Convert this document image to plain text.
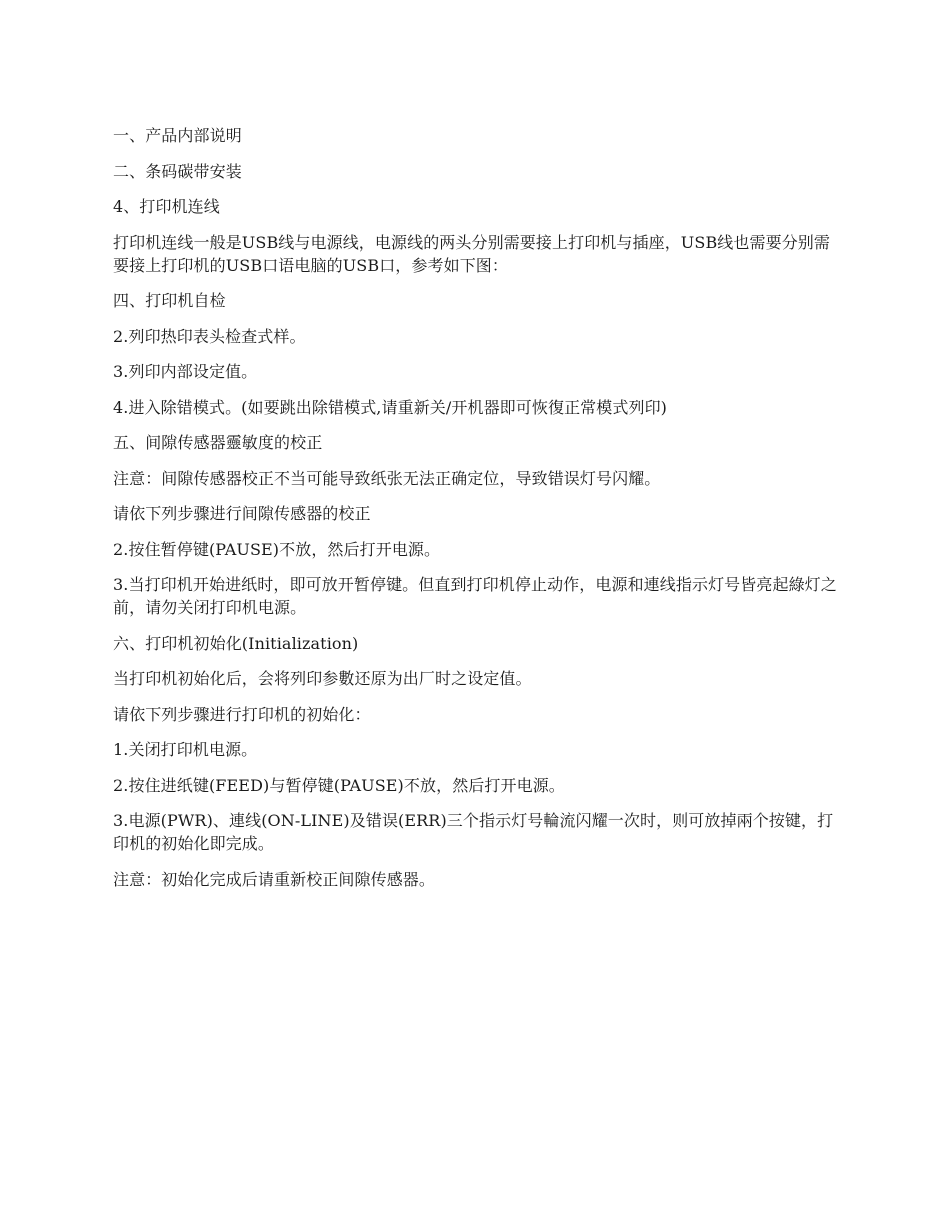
一、产品内部说明

二、条码碳带安装

4、打印机连线

打印机连线一般是USB线与电源线，电源线的两头分别需要接上打印机与插座，USB线也需要分别需要接上打印机的USB口语电脑的USB口，参考如下图：

四、打印机自检

2.列印热印表头检查式样。

3.列印内部设定值。

4.进入除错模式。(如要跳出除错模式,请重新关/开机器即可恢復正常模式列印)

五、间隙传感器靈敏度的校正

注意：间隙传感器校正不当可能导致纸张无法正确定位，导致错误灯号闪耀。

请依下列步骤进行间隙传感器的校正

2.按住暂停键(PAUSE)不放，然后打开电源。

3.当打印机开始进纸时，即可放开暂停键。但直到打印机停止动作，电源和連线指示灯号皆亮起綠灯之前，请勿关闭打印机电源。

六、打印机初始化(Initialization)

当打印机初始化后，会将列印参數还原为出厂时之设定值。

请依下列步骤进行打印机的初始化：

1.关闭打印机电源。

2.按住进纸键(FEED)与暂停键(PAUSE)不放，然后打开电源。

3.电源(PWR)、連线(ON-LINE)及错误(ERR)三个指示灯号輪流闪耀一次时，则可放掉兩个按键，打印机的初始化即完成。

注意：初始化完成后请重新校正间隙传感器。
